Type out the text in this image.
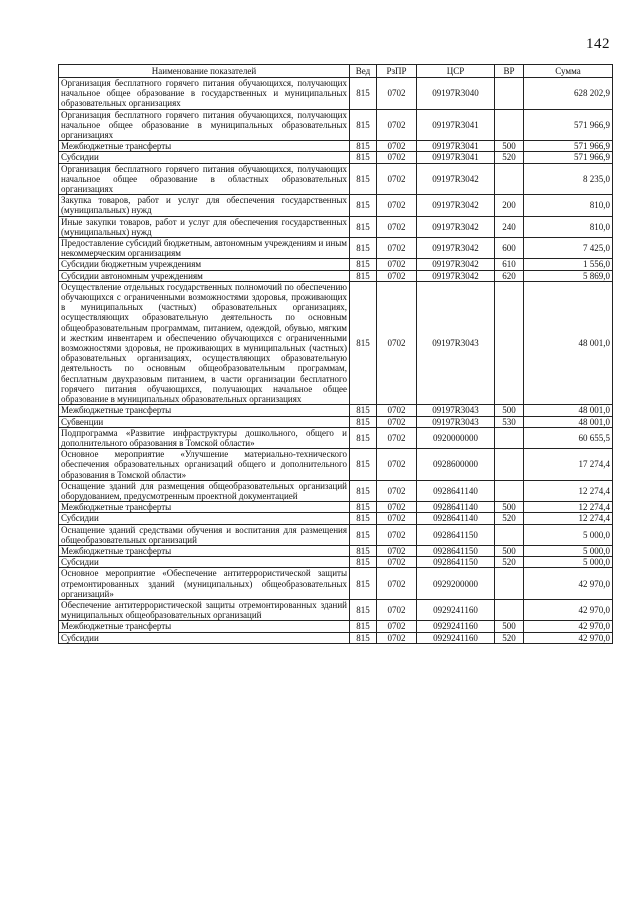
142
Наименование показателей	Вед	РзПР	ЦСР	ВР	Сумма
Организация бесплатного горячего питания обучающихся, получающих начальное общее образование в государственных и муниципальных образовательных организациях	815	0702	09197R3040		628 202,9
Организация бесплатного горячего питания обучающихся, получающих начальное общее образование в муниципальных образовательных организациях	815	0702	09197R3041		571 966,9
Межбюджетные трансферты	815	0702	09197R3041	500	571 966,9
Субсидии	815	0702	09197R3041	520	571 966,9
Организация бесплатного горячего питания обучающихся, получающих начальное общее образование в областных образовательных организациях	815	0702	09197R3042		8 235,0
Закупка товаров, работ и услуг для обеспечения государственных (муниципальных) нужд	815	0702	09197R3042	200	810,0
Иные закупки товаров, работ и услуг для обеспечения государственных (муниципальных) нужд	815	0702	09197R3042	240	810,0
Предоставление субсидий бюджетным, автономным учреждениям и иным некоммерческим организациям	815	0702	09197R3042	600	7 425,0
Субсидии бюджетным учреждениям	815	0702	09197R3042	610	1 556,0
Субсидии автономным учреждениям	815	0702	09197R3042	620	5 869,0
Осуществление отдельных государственных полномочий по обеспечению обучающихся с ограниченными возможностями здоровья, проживающих в муниципальных (частных) образовательных организациях, осуществляющих образовательную деятельность по основным общеобразовательным программам, питанием, одеждой, обувью, мягким и жестким инвентарем и обеспечению обучающихся с ограниченными возможностями здоровья, не проживающих в муниципальных (частных) образовательных организациях, осуществляющих образовательную деятельность по основным общеобразовательным программам, бесплатным двухразовым питанием, в части организации бесплатного горячего питания обучающихся, получающих начальное общее образование в муниципальных образовательных организациях	815	0702	09197R3043		48 001,0
Межбюджетные трансферты	815	0702	09197R3043	500	48 001,0
Субвенции	815	0702	09197R3043	530	48 001,0
Подпрограмма «Развитие инфраструктуры дошкольного, общего и дополнительного образования в Томской области»	815	0702	0920000000		60 655,5
Основное мероприятие «Улучшение материально-технического обеспечения образовательных организаций общего и дополнительного образования в Томской области»	815	0702	0928600000		17 274,4
Оснащение зданий для размещения общеобразовательных организаций оборудованием, предусмотренным проектной документацией	815	0702	0928641140		12 274,4
Межбюджетные трансферты	815	0702	0928641140	500	12 274,4
Субсидии	815	0702	0928641140	520	12 274,4
Оснащение зданий средствами обучения и воспитания для размещения общеобразовательных организаций	815	0702	0928641150		5 000,0
Межбюджетные трансферты	815	0702	0928641150	500	5 000,0
Субсидии	815	0702	0928641150	520	5 000,0
Основное мероприятие «Обеспечение антитеррористической защиты отремонтированных зданий (муниципальных) общеобразовательных организаций»	815	0702	0929200000		42 970,0
Обеспечение антитеррористической защиты отремонтированных зданий муниципальных общеобразовательных организаций	815	0702	0929241160		42 970,0
Межбюджетные трансферты	815	0702	0929241160	500	42 970,0
Субсидии	815	0702	0929241160	520	42 970,0
